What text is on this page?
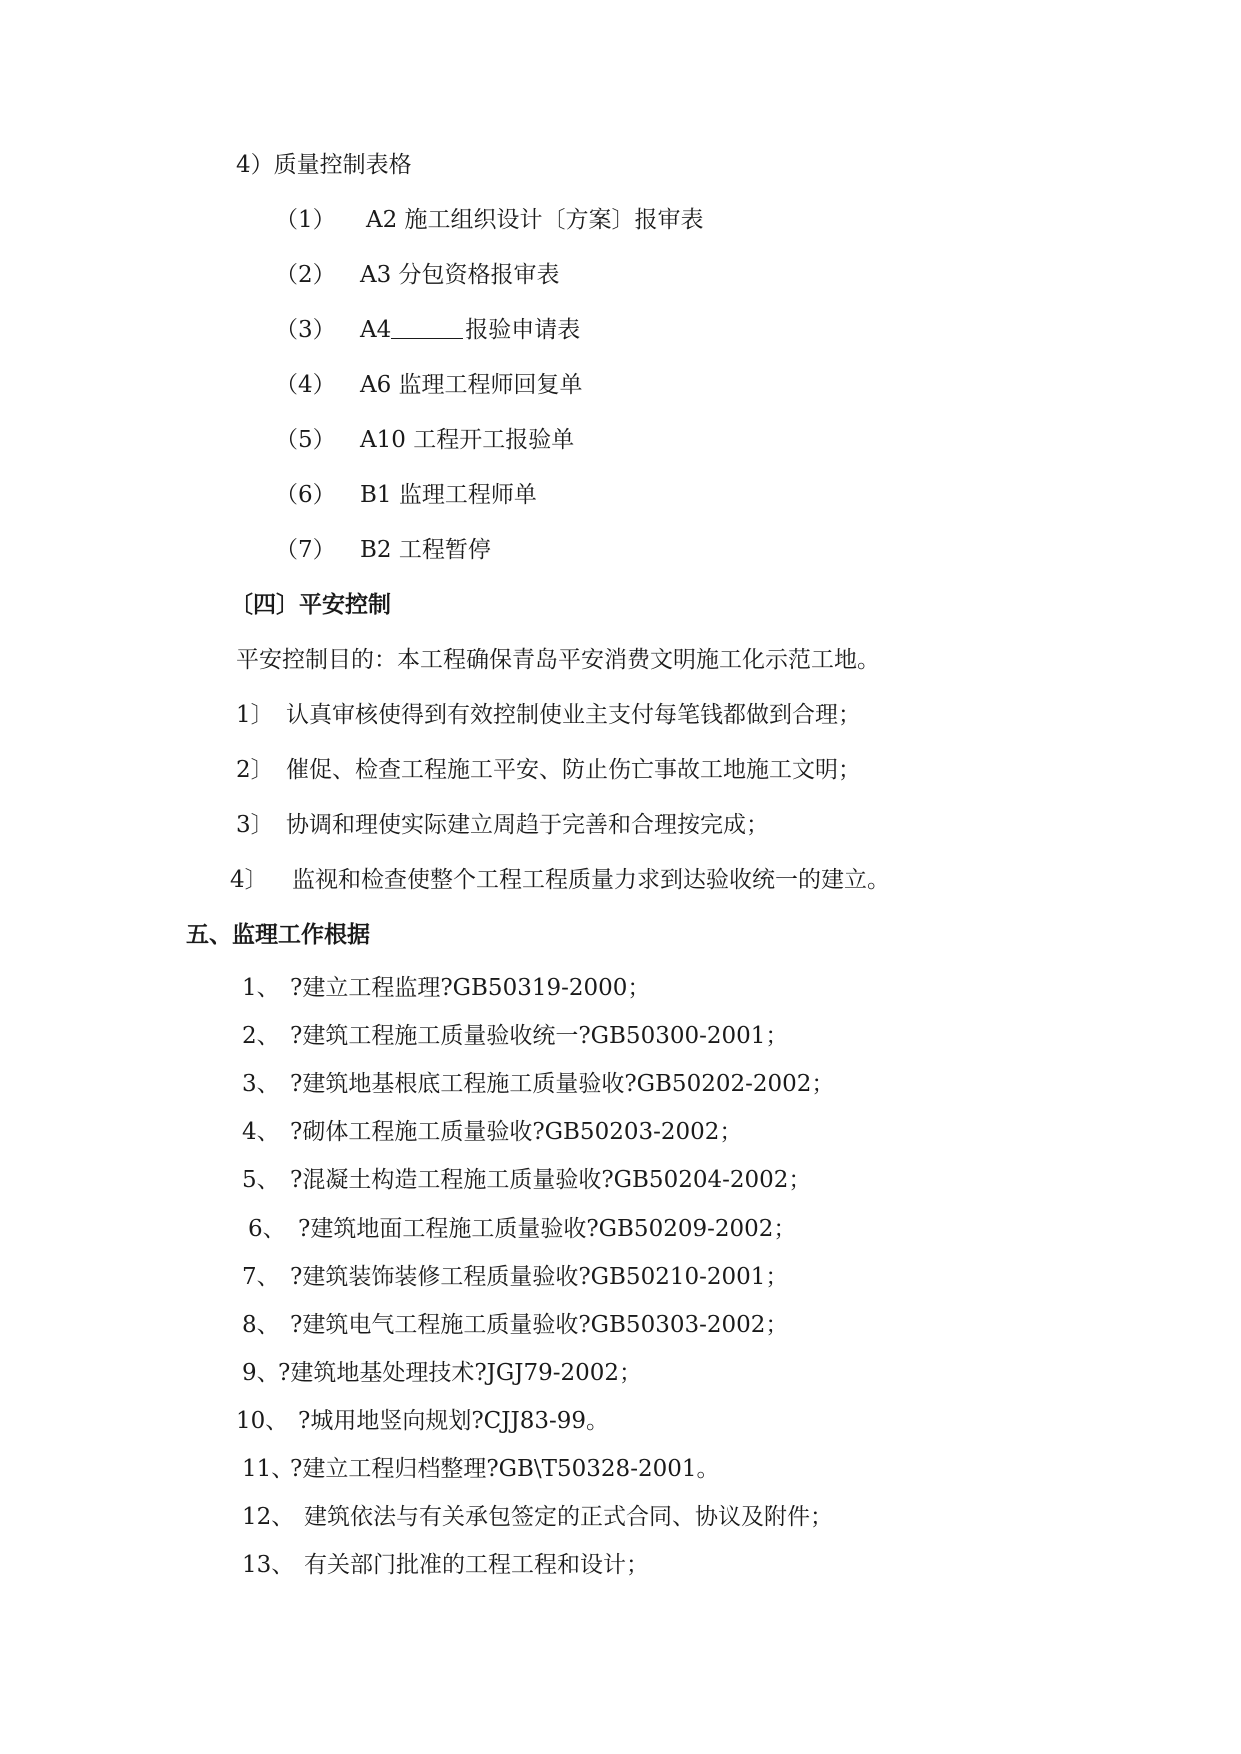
4）质量控制表格
（1） A2 施工组织设计〔方案〕报审表
（2） A3 分包资格报审表
（3） A4	报验申请表
（4） A6 监理工程师回复单
（5） A10 工程开工报验单
（6） B1 监理工程师单
（7） B2 工程暂停
〔四〕平安控制
平安控制目的：本工程确保青岛平安消费文明施工化示范工地。
1〕 认真审核使得到有效控制使业主支付每笔钱都做到合理；
2〕 催促、检查工程施工平安、防止伤亡事故工地施工文明；
3〕 协调和理使实际建立周趋于完善和合理按完成；
4〕 监视和检查使整个工程工程质量力求到达验收统一的建立。
五、监理工作根据
1、 ?建立工程监理?GB50319-2000；
2、 ?建筑工程施工质量验收统一?GB50300-2001；
3、 ?建筑地基根底工程施工质量验收?GB50202-2002；
4、 ?砌体工程施工质量验收?GB50203-2002；
5、 ?混凝土构造工程施工质量验收?GB50204-2002；
6、 ?建筑地面工程施工质量验收?GB50209-2002；
7、 ?建筑装饰装修工程质量验收?GB50210-2001；
8、 ?建筑电气工程施工质量验收?GB50303-2002；
9、
?建筑地基处理技术?JGJ79-2002；
10、 ?城用地竖向规划?CJJ83-99。
11、
?建立工程归档整理?GB\T50328-2001。
12、 建筑依法与有关承包签定的正式合同、协议及附件；
13、 有关部门批准的工程工程和设计；
